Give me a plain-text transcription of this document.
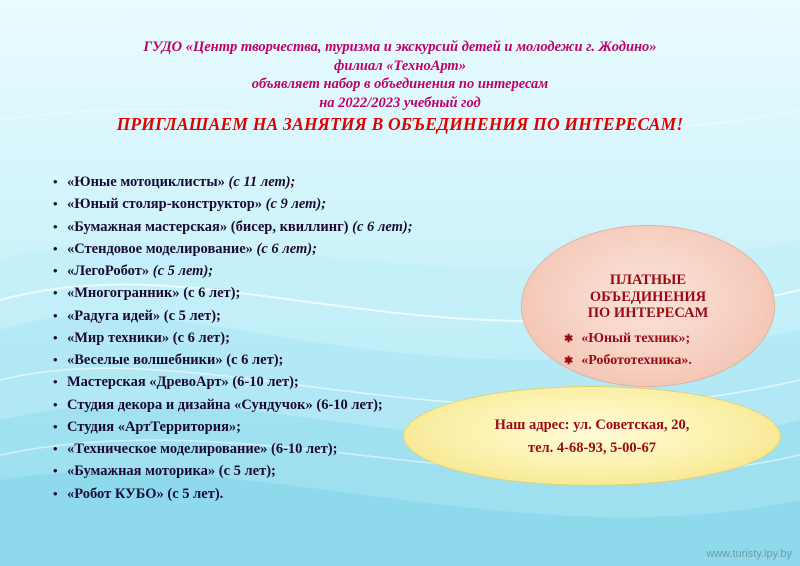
ГУДО «Центр творчества, туризма и экскурсий детей и молодежи г. Жодино»
филиал «ТехноАрт»
объявляет набор в объединения по интересам
на 2022/2023 учебный год
ПРИГЛАШАЕМ НА ЗАНЯТИЯ В ОБЪЕДИНЕНИЯ ПО ИНТЕРЕСАМ!
• «Юные мотоциклисты» (с 11 лет);
• «Юный столяр-конструктор» (с 9 лет);
• «Бумажная мастерская» (бисер, квиллинг) (с 6 лет);
• «Стендовое моделирование» (с 6 лет);
• «ЛегоРобот» (с 5 лет);
• «Многогранник» (с 6 лет);
• «Радуга идей» (с 5 лет);
• «Мир техники» (с 6 лет);
• «Веселые волшебники» (с 6 лет);
• Мастерская «ДревоАрт» (6-10 лет);
• Студия декора и дизайна «Сундучок» (6-10 лет);
• Студия «АртТерритория»;
• «Техническое моделирование» (6-10 лет);
• «Бумажная моторика» (с 5 лет);
• «Робот КУБО» (с 5 лет).
ПЛАТНЫЕ
ОБЪЕДИНЕНИЯ
ПО ИНТЕРЕСАМ
✱ «Юный техник»;
✱ «Робототехника».
Наш адрес: ул. Советская, 20,
тел. 4-68-93, 5-00-67
www.turisty.lpy.by
